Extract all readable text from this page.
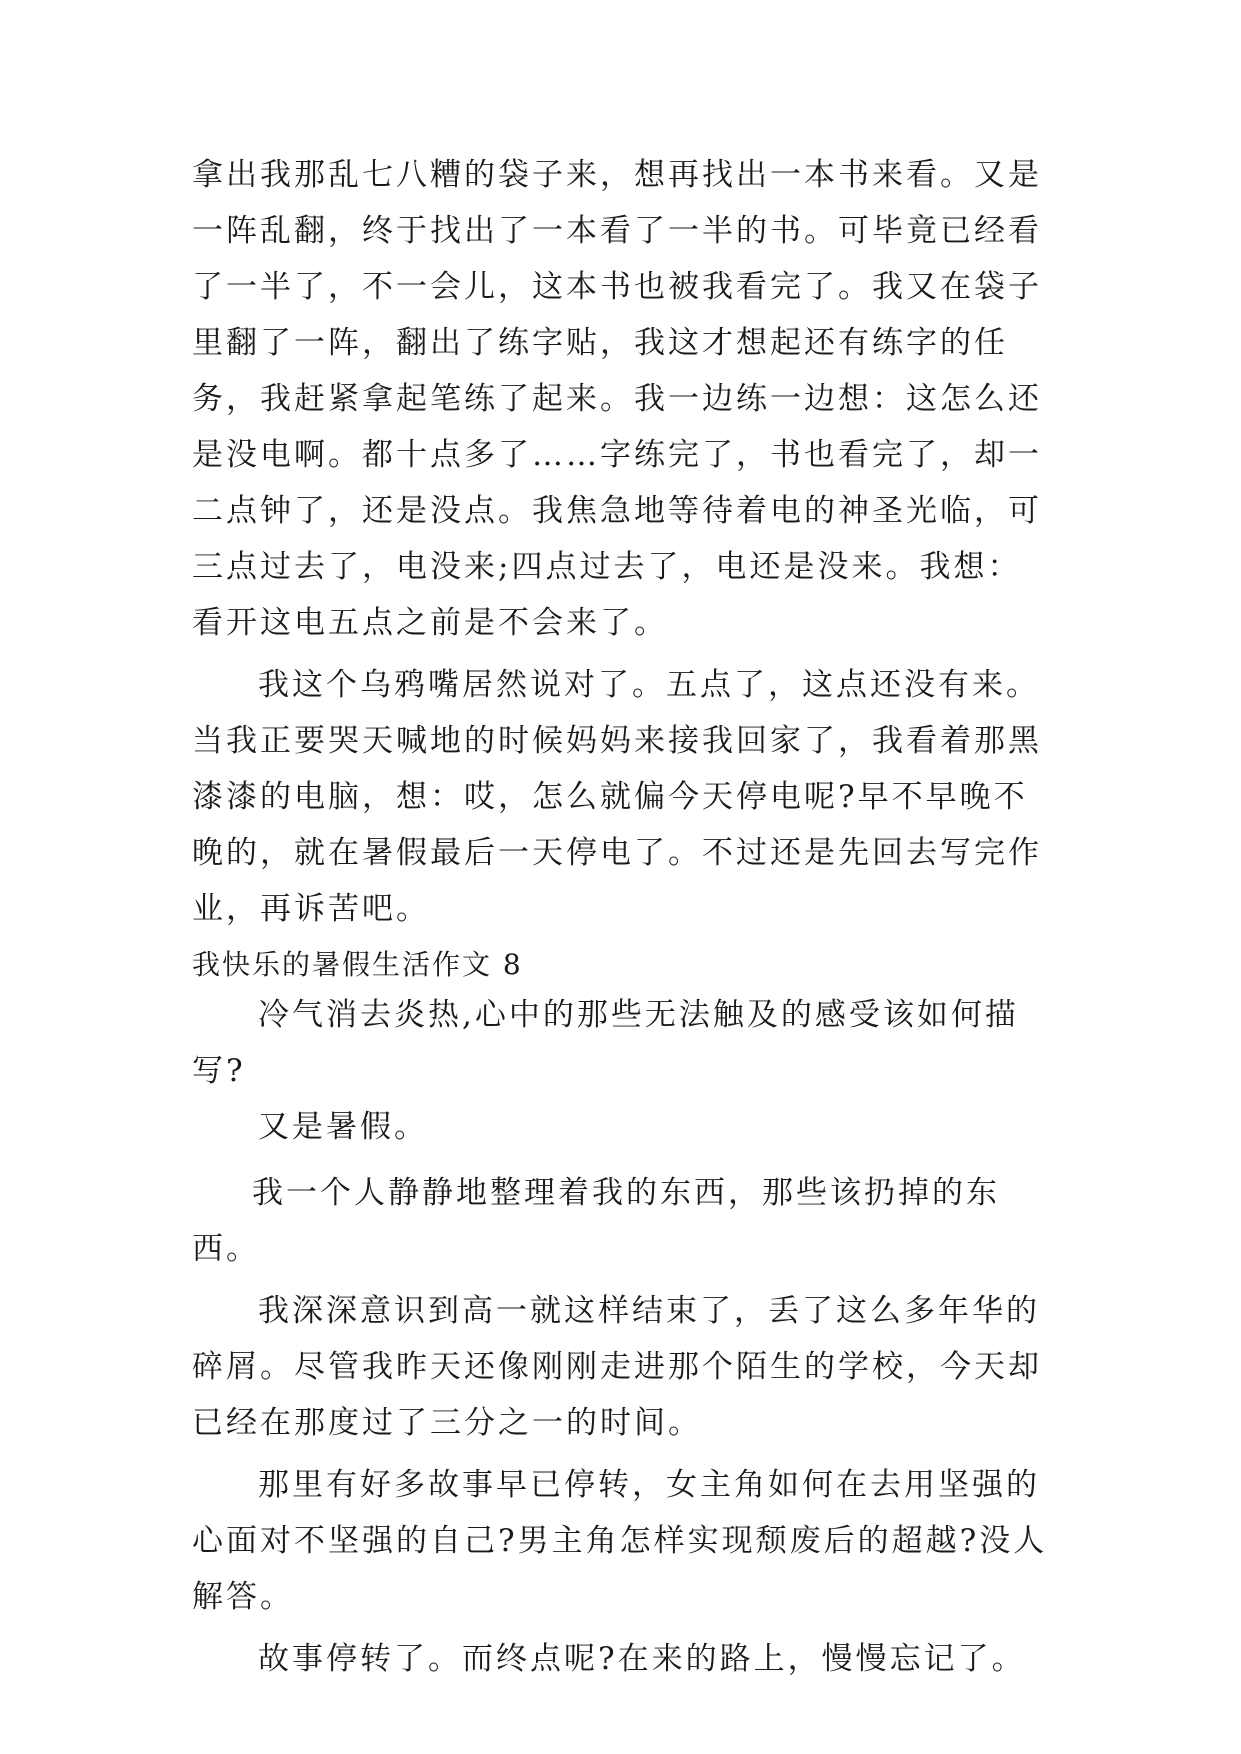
拿出我那乱七八糟的袋子来，想再找出一本书来看。又是一阵乱翻，终于找出了一本看了一半的书。可毕竟已经看了一半了，不一会儿，这本书也被我看完了。我又在袋子里翻了一阵，翻出了练字贴，我这才想起还有练字的任务，我赶紧拿起笔练了起来。我一边练一边想：这怎么还是没电啊。都十点多了……字练完了，书也看完了，却一二点钟了，还是没点。我焦急地等待着电的神圣光临，可三点过去了，电没来;四点过去了，电还是没来。我想：看开这电五点之前是不会来了。

我这个乌鸦嘴居然说对了。五点了，这点还没有来。当我正要哭天喊地的时候妈妈来接我回家了，我看着那黑漆漆的电脑，想：哎，怎么就偏今天停电呢?早不早晚不晚的，就在暑假最后一天停电了。不过还是先回去写完作业，再诉苦吧。

我快乐的暑假生活作文 8

冷气消去炎热,心中的那些无法触及的感受该如何描写?

又是暑假。

我一个人静静地整理着我的东西，那些该扔掉的东西。

我深深意识到高一就这样结束了，丢了这么多年华的碎屑。尽管我昨天还像刚刚走进那个陌生的学校，今天却已经在那度过了三分之一的时间。

那里有好多故事早已停转，女主角如何在去用坚强的心面对不坚强的自己?男主角怎样实现颓废后的超越?没人解答。

故事停转了。而终点呢?在来的路上，慢慢忘记了。
